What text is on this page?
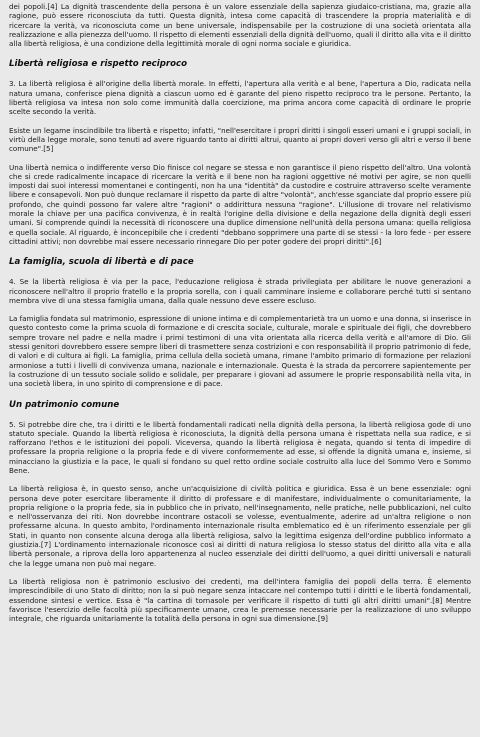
dei popoli.[4] La dignità trascendente della persona è un valore essenziale della sapienza giudaico-cristiana, ma, grazie alla ragione, può essere riconosciuta da tutti. Questa dignità, intesa come capacità di trascendere la propria materialità e di ricercare la verità, va riconosciuta come un bene universale, indispensabile per la costruzione di una società orientata alla realizzazione e alla pienezza dell'uomo. Il rispetto di elementi essenziali della dignità dell'uomo, quali il diritto alla vita e il diritto alla libertà religiosa, è una condizione della legittimità morale di ogni norma sociale e giuridica.

Libertà religiosa e rispetto reciproco

3. La libertà religiosa è all'origine della libertà morale. In effetti, l'apertura alla verità e al bene, l'apertura a Dio, radicata nella natura umana, conferisce piena dignità a ciascun uomo ed è garante del pieno rispetto reciproco tra le persone. Pertanto, la libertà religiosa va intesa non solo come immunità dalla coercizione, ma prima ancora come capacità di ordinare le proprie scelte secondo la verità.

Esiste un legame inscindibile tra libertà e rispetto; infatti, "nell'esercitare i propri diritti i singoli esseri umani e i gruppi sociali, in virtù della legge morale, sono tenuti ad avere riguardo tanto ai diritti altrui, quanto ai propri doveri verso gli altri e verso il bene comune".[5]

Una libertà nemica o indifferente verso Dio finisce col negare se stessa e non garantisce il pieno rispetto dell'altro. Una volontà che si crede radicalmente incapace di ricercare la verità e il bene non ha ragioni oggettive né motivi per agire, se non quelli imposti dai suoi interessi momentanei e contingenti, non ha una "identità" da custodire e costruire attraverso scelte veramente libere e consapevoli. Non può dunque reclamare il rispetto da parte di altre "volontà", anch'esse sganciate dal proprio essere più profondo, che quindi possono far valere altre "ragioni" o addirittura nessuna "ragione". L'illusione di trovare nel relativismo morale la chiave per una pacifica convivenza, è in realtà l'origine della divisione e della negazione della dignità degli esseri umani. Si comprende quindi la necessità di riconoscere una duplice dimensione nell'unità della persona umana: quella religiosa e quella sociale. Al riguardo, è inconcepibile che i credenti "debbano sopprimere una parte di se stessi - la loro fede - per essere cittadini attivi; non dovrebbe mai essere necessario rinnegare Dio per poter godere dei propri diritti".[6]

La famiglia, scuola di libertà e di pace

4. Se la libertà religiosa è via per la pace, l'educazione religiosa è strada privilegiata per abilitare le nuove generazioni a riconoscere nell'altro il proprio fratello e la propria sorella, con i quali camminare insieme e collaborare perché tutti si sentano membra vive di una stessa famiglia umana, dalla quale nessuno deve essere escluso.

La famiglia fondata sul matrimonio, espressione di unione intima e di complementarietà tra un uomo e una donna, si inserisce in questo contesto come la prima scuola di formazione e di crescita sociale, culturale, morale e spirituale dei figli, che dovrebbero sempre trovare nel padre e nella madre i primi testimoni di una vita orientata alla ricerca della verità e all'amore di Dio. Gli stessi genitori dovrebbero essere sempre liberi di trasmettere senza costrizioni e con responsabilità il proprio patrimonio di fede, di valori e di cultura ai figli. La famiglia, prima cellula della società umana, rimane l'ambito primario di formazione per relazioni armoniose a tutti i livelli di convivenza umana, nazionale e internazionale. Questa è la strada da percorrere sapientemente per la costruzione di un tessuto sociale solido e solidale, per preparare i giovani ad assumere le proprie responsabilità nella vita, in una società libera, in uno spirito di comprensione e di pace.

Un patrimonio comune

5. Si potrebbe dire che, tra i diritti e le libertà fondamentali radicati nella dignità della persona, la libertà religiosa gode di uno statuto speciale. Quando la libertà religiosa è riconosciuta, la dignità della persona umana è rispettata nella sua radice, e si rafforzano l'ethos e le istituzioni dei popoli. Viceversa, quando la libertà religiosa è negata, quando si tenta di impedire di professare la propria religione o la propria fede e di vivere conformemente ad esse, si offende la dignità umana e, insieme, si minacciano la giustizia e la pace, le quali si fondano su quel retto ordine sociale costruito alla luce del Sommo Vero e Sommo Bene.

La libertà religiosa è, in questo senso, anche un'acquisizione di civiltà politica e giuridica. Essa è un bene essenziale: ogni persona deve poter esercitare liberamente il diritto di professare e di manifestare, individualmente o comunitariamente, la propria religione o la propria fede, sia in pubblico che in privato, nell'insegnamento, nelle pratiche, nelle pubblicazioni, nel culto e nell'osservanza dei riti. Non dovrebbe incontrare ostacoli se volesse, eventualmente, aderire ad un'altra religione o non professarne alcuna. In questo ambito, l'ordinamento internazionale risulta emblematico ed è un riferimento essenziale per gli Stati, in quanto non consente alcuna deroga alla libertà religiosa, salvo la legittima esigenza dell'ordine pubblico informato a giustizia.[7] L'ordinamento internazionale riconosce così ai diritti di natura religiosa lo stesso status del diritto alla vita e alla libertà personale, a riprova della loro appartenenza al nucleo essenziale dei diritti dell'uomo, a quei diritti universali e naturali che la legge umana non può mai negare.

La libertà religiosa non è patrimonio esclusivo dei credenti, ma dell'intera famiglia dei popoli della terra. È elemento imprescindibile di uno Stato di diritto; non la si può negare senza intaccare nel contempo tutti i diritti e le libertà fondamentali, essendone sintesi e vertice. Essa è "la cartina di tornasole per verificare il rispetto di tutti gli altri diritti umani".[8] Mentre favorisce l'esercizio delle facoltà più specificamente umane, crea le premesse necessarie per la realizzazione di uno sviluppo integrale, che riguarda unitariamente la totalità della persona in ogni sua dimensione.[9]
